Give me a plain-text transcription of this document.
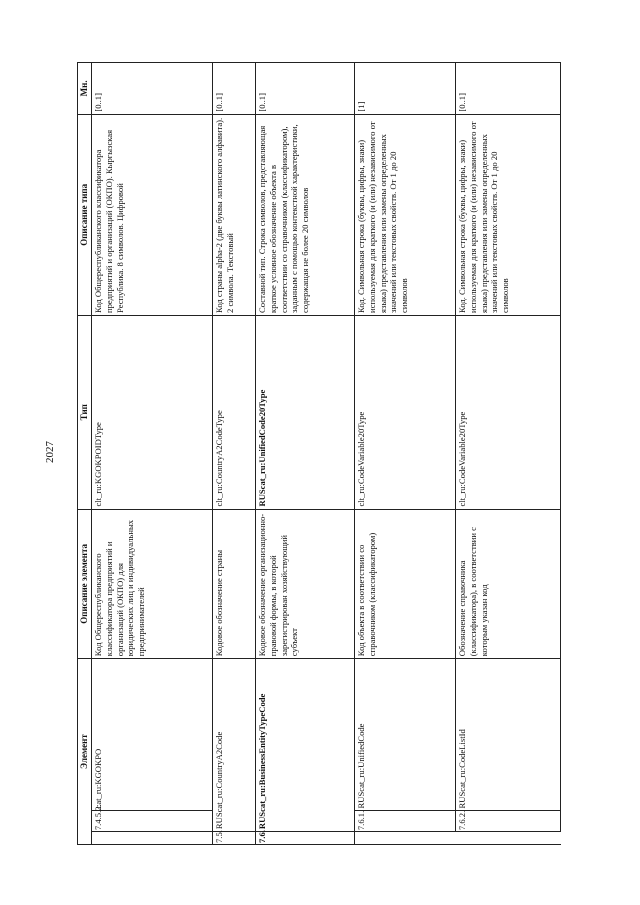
2027
Элемент			Описание элемента	Тип	Описание типа	Мн.
	7.4.5.2.	cat_ru:KGOKPO	Код Общереспубликанского классификатора предприятий и организаций (ОКПО) для юридических лиц и индивидуальных предпринимателей	clt_ru:KGOKPOIDType	Код Общереспубликанского классификатора предприятий и организаций (ОКПО). Кыргызская Республика. 8 символов. Цифровой	[0..1]
7.5.	RUScat_ru:CountryA2Code		Кодовое обозначение страны	clt_ru:CountryA2CodeType	Код страны alpha-2 (две буквы латинского алфавита). 2 символа. Текстовый	[0..1]
7.6.	RUScat_ru:BusinessEntityTypeCode		Кодовое обозначение организационно-правовой формы, в которой зарегистрирован хозяйствующий субъект	RUScat_ru:UnifiedCode20Type	Составной тип. Строка символов, представляющая краткое условное обозначение объекта в соответствии со справочником (классификатором), заданным с помощью контекстной характеристики, содержащая не более 20 символов	[0..1]
	7.6.1.	RUScat_ru:UnifiedCode	Код объекта в соответствии со справочником (классификатором)	clt_ru:CodeVariable20Type	Код. Символьная строка (буквы, цифры, знаки) используемая для краткого (и (или) независимого от языка) представления или замены определенных значений или текстовых свойств. От 1 до 20 символов	[1]
	7.6.2.	RUScat_ru:CodeListId	Обозначение справочника (классификатора), в соответствии с которым указан код	clt_ru:CodeVariable20Type	Код. Символьная строка (буквы, цифры, знаки) используемая для краткого (и (или) независимого от языка) представления или замены определенных значений или текстовых свойств. От 1 до 20 символов	[0..1]
